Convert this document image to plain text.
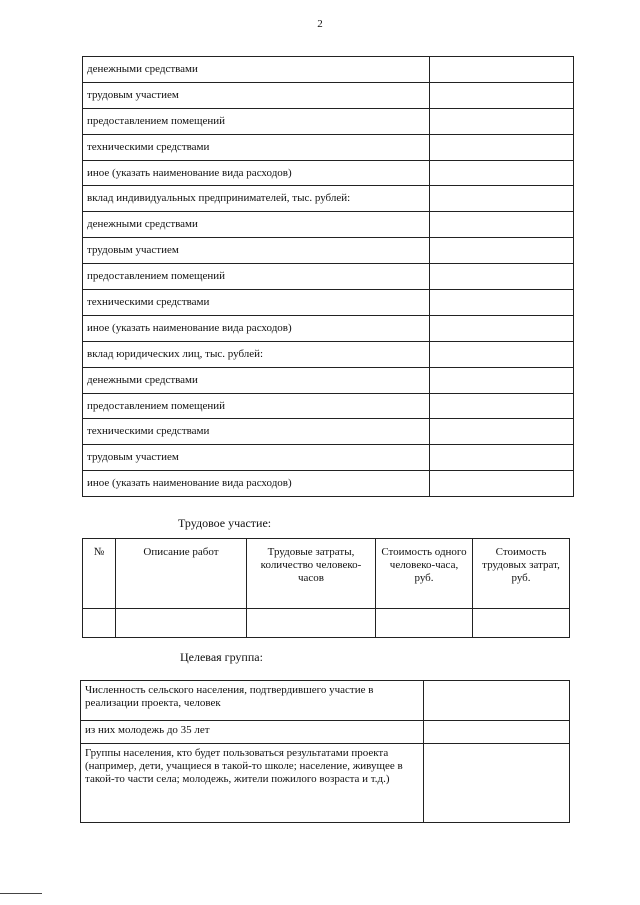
2
денежными средствами	
трудовым участием	
предоставлением помещений	
техническими средствами	
иное (указать наименование вида расходов)	
вклад индивидуальных предпринимателей, тыс. рублей:	
денежными средствами	
трудовым участием	
предоставлением помещений	
техническими средствами	
иное (указать наименование вида расходов)	
вклад юридических лиц, тыс. рублей:	
денежными средствами	
предоставлением помещений	
техническими средствами	
трудовым участием	
иное (указать наименование вида расходов)	
Трудовое участие:
№	Описание работ	Трудовые затраты, количество человеко-часов	Стоимость одного человеко-часа, руб.	Стоимость трудовых затрат, руб.

Целевая группа:
Численность сельского населения, подтвердившего участие в реализации проекта, человек	
из них молодежь до 35 лет	
Группы населения, кто будет пользоваться результатами проекта (например, дети, учащиеся в такой-то школе; население, живущее в такой-то части села; молодежь, жители пожилого возраста и т.д.)	
